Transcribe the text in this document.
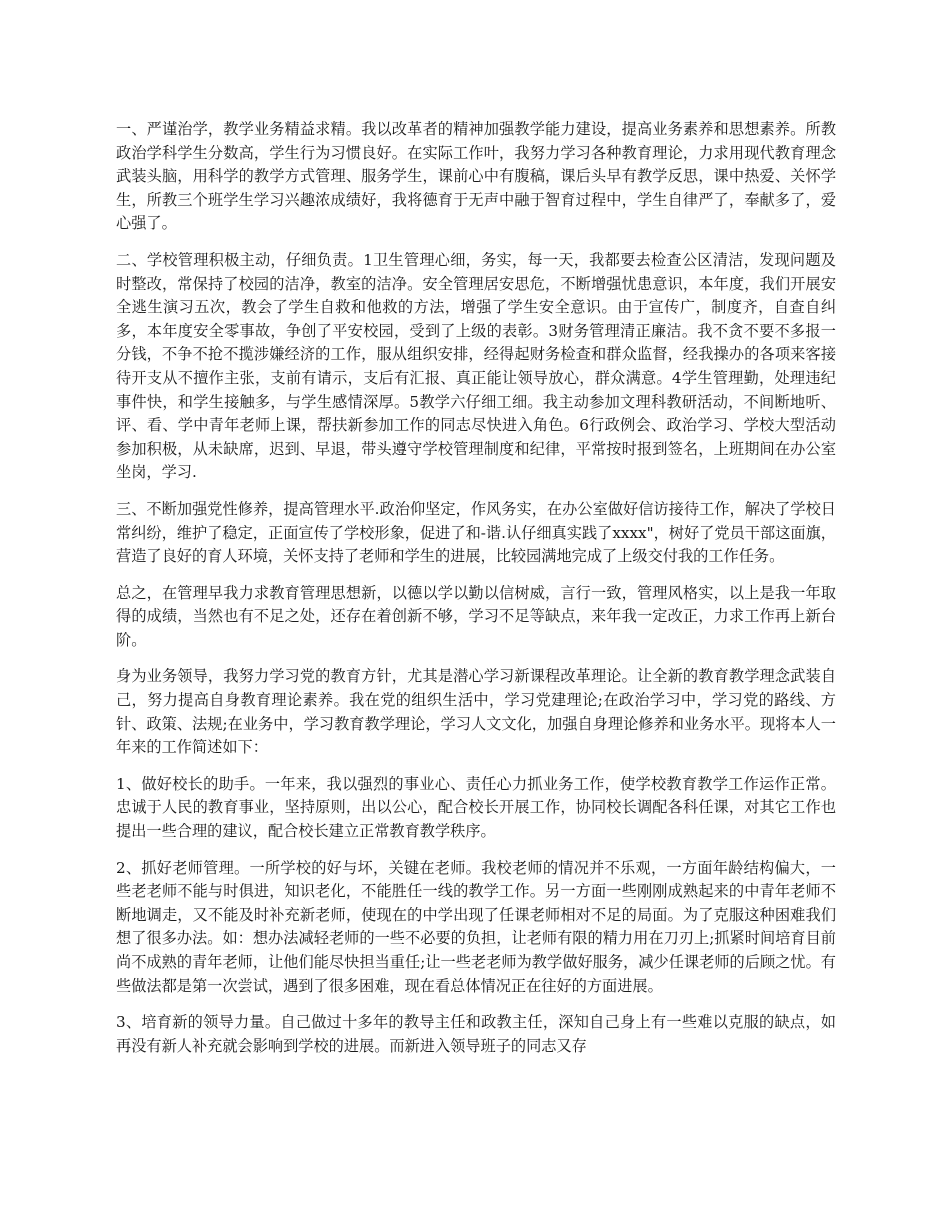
一、严谨治学，教学业务精益求精。我以改革者的精神加强教学能力建设，提高业务素养和思想素养。所教政治学科学生分数高，学生行为习惯良好。在实际工作叶，我努力学习各种教育理论，力求用现代教育理念武装头脑，用科学的教学方式管理、服务学生，课前心中有腹稿，课后头早有教学反思，课中热爱、关怀学生，所教三个班学生学习兴趣浓成绩好，我将德育于无声中融于智育过程中，学生自律严了，奉献多了，爱心强了。

二、学校管理积极主动，仔细负责。1卫生管理心细，务实，每一天，我都要去检查公区清洁，发现问题及时整改，常保持了校园的洁净，教室的洁净。安全管理居安思危，不断增强忧患意识，本年度，我们开展安全逃生演习五次，教会了学生自救和他救的方法，增强了学生安全意识。由于宣传广，制度齐，自查自纠多，本年度安全零事故，争创了平安校园，受到了上级的表彰。3财务管理清正廉洁。我不贪不要不多报一分钱，不争不抢不揽涉嫌经济的工作，服从组织安排，经得起财务检查和群众监督，经我操办的各项来客接待开支从不擅作主张，支前有请示，支后有汇报、真正能让领导放心，群众满意。4学生管理勤，处理违纪事件快，和学生接触多，与学生感情深厚。5教学六仔细工细。我主动参加文理科教研活动，不间断地听、评、看、学中青年老师上课，帮扶新参加工作的同志尽快进入角色。6行政例会、政治学习、学校大型活动参加积极，从未缺席，迟到、早退，带头遵守学校管理制度和纪律，平常按时报到签名，上班期间在办公室坐岗，学习.

三、不断加强党性修养，提高管理水平.政治仰坚定，作风务实，在办公室做好信访接待工作，解决了学校日常纠纷，维护了稳定，正面宣传了学校形象，促进了和-谐.认仔细真实践了xxxx"，树好了党员干部这面旗，营造了良好的育人环境，关怀支持了老师和学生的进展，比较园满地完成了上级交付我的工作任务。

总之，在管理早我力求教育管理思想新，以德以学以勤以信树威，言行一致，管理风格实，以上是我一年取得的成绩，当然也有不足之处，还存在着创新不够，学习不足等缺点，来年我一定改正，力求工作再上新台阶。

身为业务领导，我努力学习党的教育方针，尤其是潜心学习新课程改革理论。让全新的教育教学理念武装自己，努力提高自身教育理论素养。我在党的组织生活中，学习党建理论;在政治学习中，学习党的路线、方针、政策、法规;在业务中，学习教育教学理论，学习人文文化，加强自身理论修养和业务水平。现将本人一年来的工作简述如下：

1、做好校长的助手。一年来，我以强烈的事业心、责任心力抓业务工作，使学校教育教学工作运作正常。忠诚于人民的教育事业，坚持原则，出以公心，配合校长开展工作，协同校长调配各科任课，对其它工作也提出一些合理的建议，配合校长建立正常教育教学秩序。

2、抓好老师管理。一所学校的好与坏，关键在老师。我校老师的情况并不乐观，一方面年龄结构偏大，一些老老师不能与时俱进，知识老化，不能胜任一线的教学工作。另一方面一些刚刚成熟起来的中青年老师不断地调走，又不能及时补充新老师，使现在的中学出现了任课老师相对不足的局面。为了克服这种困难我们想了很多办法。如：想办法减轻老师的一些不必要的负担，让老师有限的精力用在刀刃上;抓紧时间培育目前尚不成熟的青年老师，让他们能尽快担当重任;让一些老老师为教学做好服务，减少任课老师的后顾之忧。有些做法都是第一次尝试，遇到了很多困难，现在看总体情况正在往好的方面进展。

3、培育新的领导力量。自己做过十多年的教导主任和政教主任，深知自己身上有一些难以克服的缺点，如再没有新人补充就会影响到学校的进展。而新进入领导班子的同志又存
